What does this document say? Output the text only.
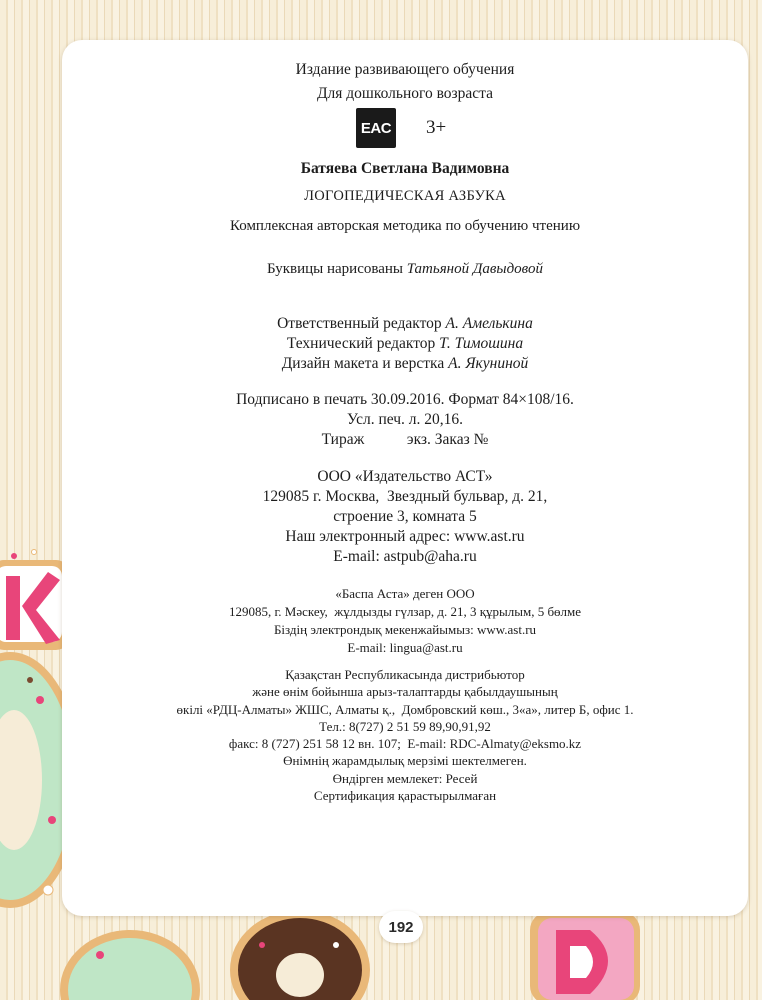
Издание развивающего обучения
Для дошкольного возраста
EAC 3+
Батяева Светлана Вадимовна
ЛОГОПЕДИЧЕСКАЯ АЗБУКА
Комплексная авторская методика по обучению чтению
Буквицы нарисованы Татьяной Давыдовой
Ответственный редактор А. Амелькина
Технический редактор Т. Тимошина
Дизайн макета и верстка А. Якуниной
Подписано в печать 30.09.2016. Формат 84×108/16.
Усл. печ. л. 20,16.
Тираж           экз. Заказ №
ООО «Издательство АСТ»
129085 г. Москва,  Звездный бульвар, д. 21,
строение 3, комната 5
Наш электронный адрес: www.ast.ru
E-mail: astpub@aha.ru
«Баспа Аста» деген ООО
129085, г. Мәскеу,  жұлдызды гүлзар, д. 21, 3 құрылым, 5 бөлме
Біздің электрондық мекенжайымыз: www.ast.ru
E-mail: lingua@ast.ru
Қазақстан Республикасында дистрибьютор
және өнім бойынша арыз-талаптарды қабылдаушының
өкілі «РДЦ-Алматы» ЖШС, Алматы қ.,  Домбровский көш., 3«а», литер Б, офис 1.
Тел.: 8(727) 2 51 59 89,90,91,92
факс: 8 (727) 251 58 12 вн. 107;  E-mail: RDC-Almaty@eksmo.kz
Өнімнің жарамдылық мерзімі шектелмеген.
Өндірген мемлекет: Ресей
Сертификация қарастырылмаған
192
